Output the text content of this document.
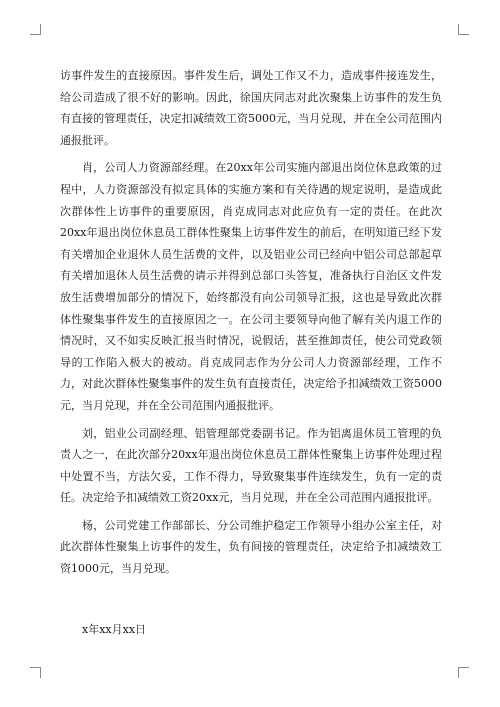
访事件发生的直接原因。事件发生后，调处工作又不力，造成事件接连发生，给公司造成了很不好的影响。因此，徐国庆同志对此次聚集上访事件的发生负有直接的管理责任，决定扣减绩效工资5000元，当月兑现，并在全公司范围内通报批评。

肖，公司人力资源部经理。在20xx年公司实施内部退出岗位休息政策的过程中，人力资源部没有拟定具体的实施方案和有关待遇的规定说明，是造成此次群体性上访事件的重要原因，肖克成同志对此应负有一定的责任。在此次20xx年退出岗位休息员工群体性聚集上访事件发生的前后，在明知道已经下发有关增加企业退休人员生活费的文件，以及铝业公司已经向中铝公司总部起草有关增加退休人员生活费的请示并得到总部口头答复，准备执行自治区文件发放生活费增加部分的情况下，始终都没有向公司领导汇报，这也是导致此次群体性聚集事件发生的直接原因之一。在公司主要领导向他了解有关内退工作的情况时，又不如实反映汇报当时情况，说假话，甚至推卸责任，使公司党政领导的工作陷入极大的被动。肖克成同志作为分公司人力资源部经理，工作不力，对此次群体性聚集事件的发生负有直接责任，决定给予扣减绩效工资5000元，当月兑现，并在全公司范围内通报批评。

刘，铝业公司副经理、铝管理部党委副书记。作为铝离退休员工管理的负责人之一，在此次部分20xx年退出岗位休息员工群体性聚集上访事件处理过程中处置不当，方法欠妥，工作不得力，导致聚集事件连续发生，负有一定的责任。决定给予扣减绩效工资20xx元，当月兑现，并在全公司范围内通报批评。

杨，公司党建工作部部长、分公司维护稳定工作领导小组办公室主任，对此次群体性聚集上访事件的发生，负有间接的管理责任，决定给予扣减绩效工资1000元，当月兑现。

x年xx月xx日
